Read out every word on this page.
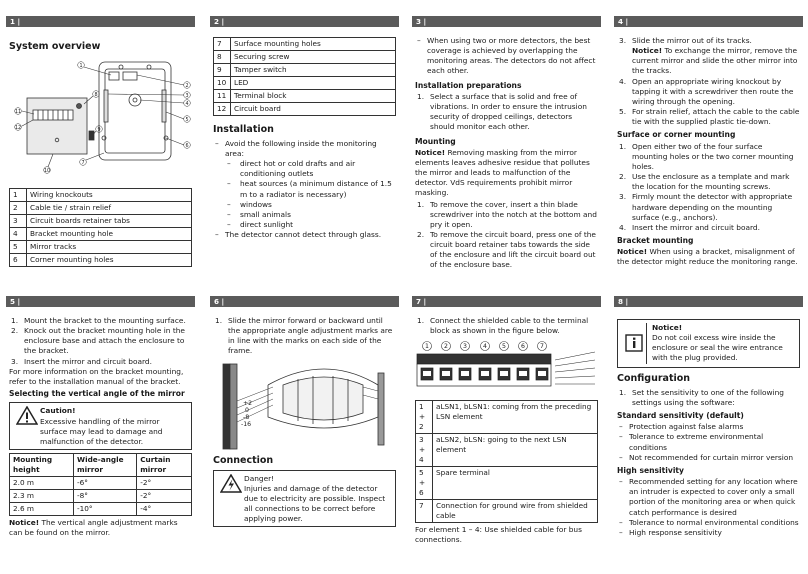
1 |
System overview
1
2
3
4
5
6
7
8
9
10
11
12
1	Wiring knockouts
2	Cable tie / strain relief
3	Circuit boards retainer tabs
4	Bracket mounting hole
5	Mirror tracks
6	Corner mounting holes
2 |
7	Surface mounting holes
8	Securing screw
9	Tamper switch
10	LED
11	Terminal block
12	Circuit board
Installation
– Avoid the following inside the monitoring area:
–	direct hot or cold drafts and air conditioning outlets
–	heat sources (a minimum distance of 1.5 m to a radiator is necessary)
–	windows
–	small animals
–	direct sunlight
– The detector cannot detect through glass.
3 |
– When using two or more detectors, the best coverage is achieved by overlapping the monitoring areas. The detectors do not affect each other.
Installation preparations
1. Select a surface that is solid and free of vibrations. In order to ensure the intrusion security of dropped ceilings, detectors should monitor each other.
Mounting
Notice! Removing masking from the mirror elements leaves adhesive residue that pollutes the mirror and leads to malfunction of the detector. VdS requirements prohibit mirror masking.
1. To remove the cover, insert a thin blade screwdriver into the notch at the bottom and pry it open.
2. To remove the circuit board, press one of the circuit board retainer tabs towards the side of the enclosure and lift the circuit board out of the enclosure base.
4 |
3. Slide the mirror out of its tracks.
Notice! To exchange the mirror, remove the current mirror and slide the other mirror into the tracks.
4. Open an appropriate wiring knockout by tapping it with a screwdriver then route the wiring through the opening.
5. For strain relief, attach the cable to the cable tie with the supplied plastic tie-down.
Surface or corner mounting
1. Open either two of the four surface mounting holes or the two corner mounting holes.
2. Use the enclosure as a template and mark the location for the mounting screws.
3. Firmly mount the detector with appropriate hardware depending on the mounting surface (e.g., anchors).
4. Insert the mirror and circuit board.
Bracket mounting
Notice! When using a bracket, misalignment of the detector might reduce the monitoring range.
5 |
1. Mount the bracket to the mounting surface.
2. Knock out the bracket mounting hole in the enclosure base and attach the enclosure to the bracket.
3. Insert the mirror and circuit board.
For more information on the bracket mounting, refer to the installation manual of the bracket.
Selecting the vertical angle of the mirror
Caution!
Excessive handling of the mirror surface may lead to damage and malfunction of the detector.
Mounting height	Wide-angle mirror	Curtain mirror
2.0 m	-6°	-2°
2.3 m	-8°	-2°
2.6 m	-10°	-4°
Notice! The vertical angle adjustment marks can be found on the mirror.
6 |
1. Slide the mirror forward or backward until the appropriate angle adjustment marks are in line with the marks on each side of the frame.
+2
0
-8
-16
Connection
Danger!
Injuries and damage of the detector due to electricity are possible. Inspect all connections to be correct before applying power.
7 |
1. Connect the shielded cable to the terminal block as shown in the figure below.
1 2 3	4 5 6 7
1 + 2	aLSN1, bLSN1: coming from the preceding LSN element
3 + 4	aLSN2, bLSN: going to the next LSN element
5 + 6	Spare terminal
7	Connection for ground wire from shielded cable
For element 1 – 4: Use shielded cable for bus connections.
8 |
Notice!
Do not coil excess wire inside the enclosure or seal the wire entrance with the plug provided.
Configuration
1. Set the sensitivity to one of the following settings using the software:
Standard sensitivity (default)
– Protection against false alarms
– Tolerance to extreme environmental conditions
– Not recommended for curtain mirror version
High sensitivity
– Recommended setting for any location where an intruder is expected to cover only a small portion of the monitoring area or when quick catch performance is desired
– Tolerance to normal environmental conditions
– High response sensitivity
